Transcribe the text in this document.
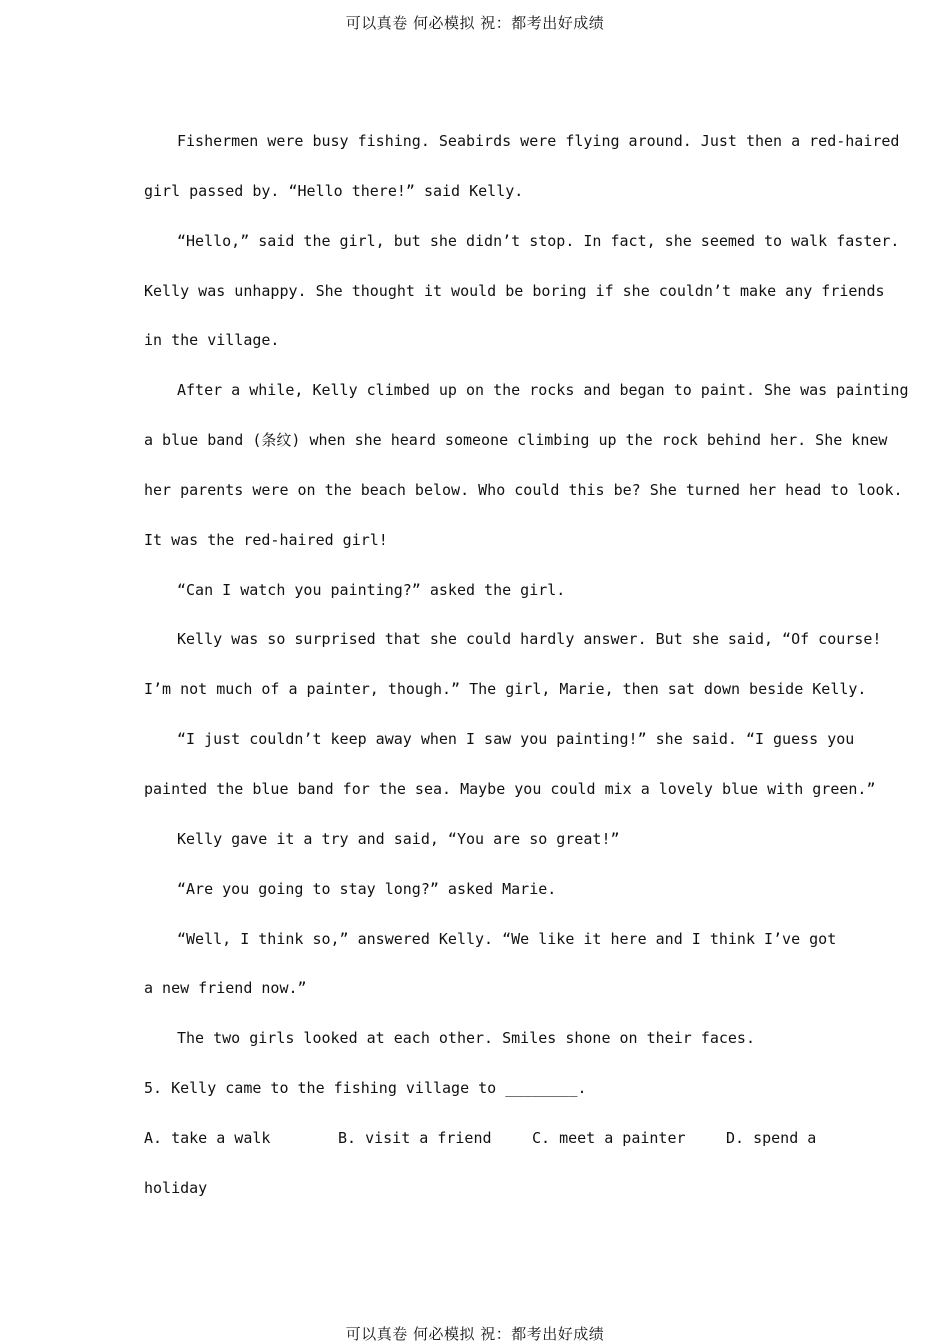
可以真卷 何必模拟 祝：都考出好成绩
Fishermen were busy fishing. Seabirds were flying around. Just then a red-haired
girl passed by. “Hello there!” said Kelly.
“Hello,” said the girl, but she didn’t stop. In fact, she seemed to walk faster.
Kelly was unhappy. She thought it would be boring if she couldn’t make any friends
in the village.
After a while, Kelly climbed up on the rocks and began to paint. She was painting
a blue band (条纹) when she heard someone climbing up the rock behind her. She knew
her parents were on the beach below. Who could this be? She turned her head to look.
It was the red-haired girl!
“Can I watch you painting?” asked the girl.
Kelly was so surprised that she could hardly answer. But she said, “Of course!
I’m not much of a painter, though.” The girl, Marie, then sat down beside Kelly.
“I just couldn’t keep away when I saw you painting!” she said. “I guess you
painted the blue band for the sea. Maybe you could mix a lovely blue with green.”
Kelly gave it a try and said, “You are so great!”
“Are you going to stay long?” asked Marie.
“Well, I think so,” answered Kelly. “We like it here and I think I’ve got
a new friend now.”
The two girls looked at each other. Smiles shone on their faces.
5. Kelly came to the fishing village to ________.
A. take a walk	B. visit a friend	C. meet a painter	D. spend a
holiday
可以真卷 何必模拟 祝：都考出好成绩
